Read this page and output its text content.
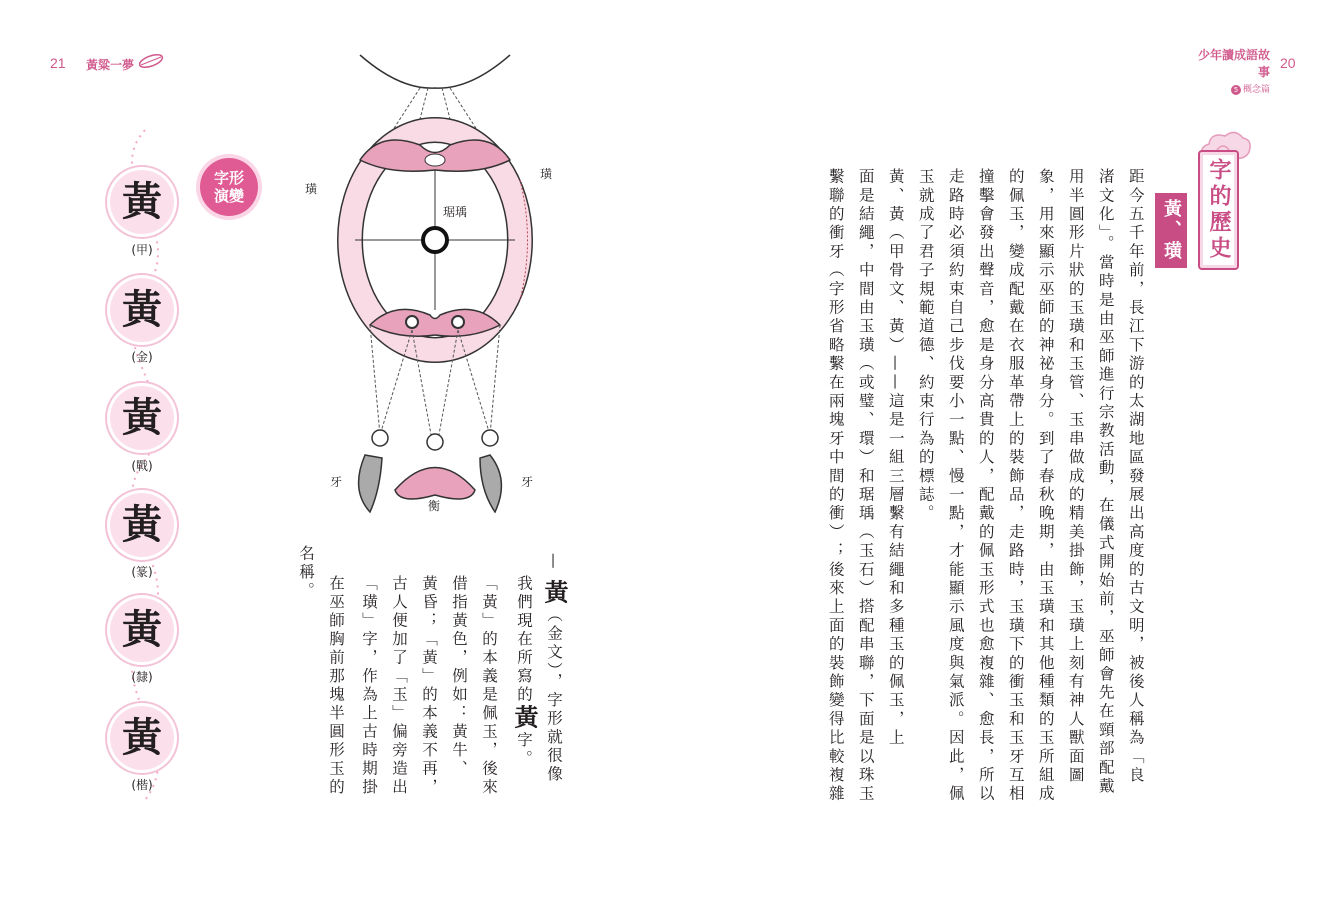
21 黃粱一夢
字形
演變
黃
(甲)
黃
(金)
黃
(戰)
黃
(篆)
黃
(隸)
黃
(楷)
璜
璜
琚瑀
牙	牙
衡
— 黃（金文），字形就很像
我們現在所寫的黃字。
「黃」的本義是佩玉，後來
借指黃色，例如：黃牛、
黃昏；「黃」的本義不再，
古人便加了「玉」偏旁造出
「璜」字，作為上古時期掛
在巫師胸前那塊半圓形玉的
名稱。
少年讀成語故事
5 概念篇
20
字的歷史
黃、璜
距今五千年前，長江下游的太湖地區發展出高度的古文明，被後人稱為「良
渚文化」。當時是由巫師進行宗教活動，在儀式開始前，巫師會先在頸部配戴
用半圓形片狀的玉璜和玉管、玉串做成的精美掛飾，玉璜上刻有神人獸面圖
象，用來顯示巫師的神祕身分。到了春秋晚期，由玉璜和其他種類的玉所組成
的佩玉，變成配戴在衣服革帶上的裝飾品，走路時，玉璜下的衝玉和玉牙互相
撞擊會發出聲音，愈是身分高貴的人，配戴的佩玉形式也愈複雜、愈長，所以
走路時必須約束自己步伐要小一點、慢一點，才能顯示風度與氣派。因此，佩
玉就成了君子規範道德、約束行為的標誌。
黃、黃（甲骨文、黃）——這是一組三層繫有結繩和多種玉的佩玉，上
面是結繩，中間由玉璜（或璧、環）和琚瑀（玉石）搭配串聯，下面是以珠玉
繫聯的衝牙（字形省略繫在兩塊牙中間的衝）；後來上面的裝飾變得比較複雜
